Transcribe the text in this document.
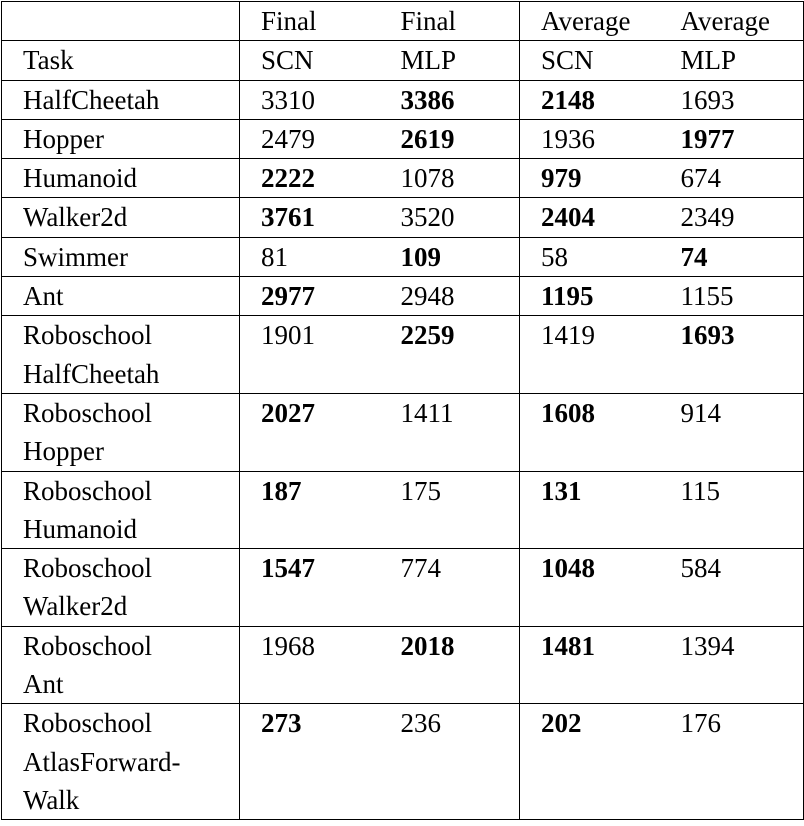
	Final	Final	Average	Average
Task	SCN	MLP	SCN	MLP

HalfCheetah	3310	3386	2148	1693

Hopper	2479	2619	1936	1977

Humanoid	2222	1078	979	674

Walker2d	3761	3520	2404	2349

Swimmer	81	109	58	74

Ant	2977	2948	1195	1155

Roboschool
HalfCheetah	1901	2259	1419	1693

Roboschool
Hopper	2027	1411	1608	914

Roboschool
Humanoid	187	175	131	115

Roboschool
Walker2d	1547	774	1048	584

Roboschool
Ant	1968	2018	1481	1394

Roboschool
AtlasForward-
Walk	273	236	202	176
